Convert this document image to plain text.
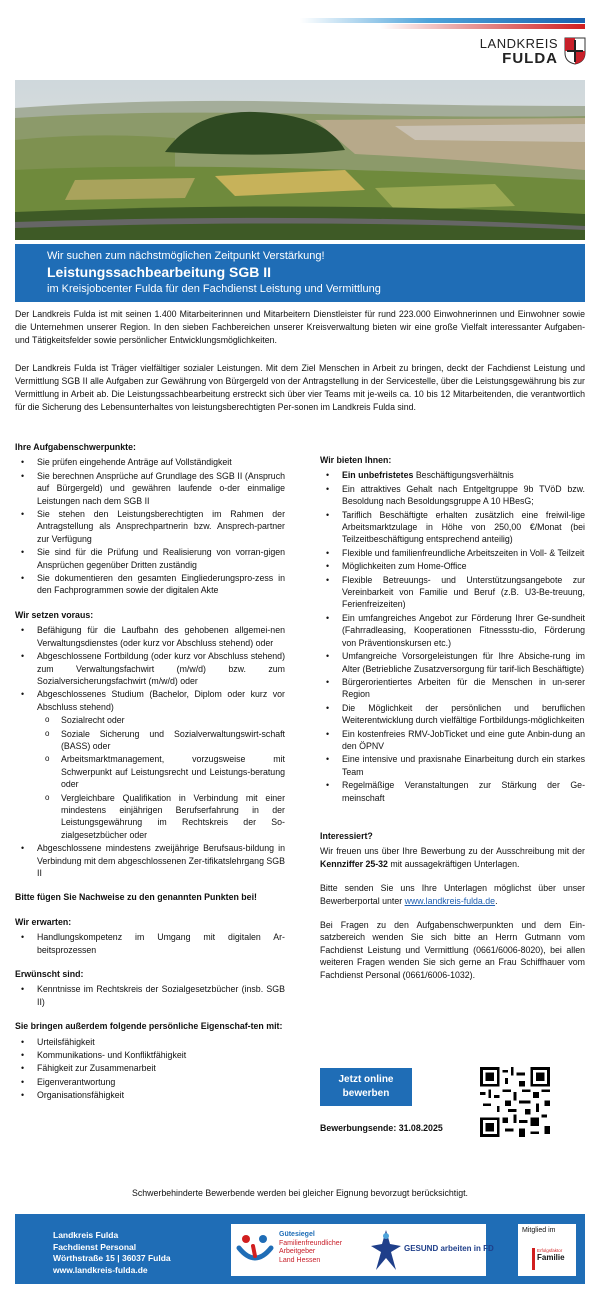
LANDKREIS
FULDA
Wir suchen zum nächstmöglichen Zeitpunkt Verstärkung!
Leistungssachbearbeitung SGB II
im Kreisjobcenter Fulda für den Fachdienst Leistung und Vermittlung

Der Landkreis Fulda ist mit seinen 1.400 Mitarbeiterinnen und Mitarbeitern Dienstleister für rund 223.000 Einwohnerinnen und Einwohner sowie die Unternehmen unserer Region. In den sieben Fachbereichen unserer Kreisverwaltung bieten wir eine große Vielfalt interessanter Aufgaben- und Tätigkeitsfelder sowie persönlicher Entwicklungsmöglichkeiten.

Der Landkreis Fulda ist Träger vielfältiger sozialer Leistungen. Mit dem Ziel Menschen in Arbeit zu bringen, deckt der Fachdienst Leistung und Vermittlung SGB II alle Aufgaben zur Gewährung von Bürgergeld von der Antragstellung in der Servicestelle, über die Leistungsgewährung bis zur Vermittlung in Arbeit ab. Die Leistungssachbearbeitung erstreckt sich über vier Teams mit je-weils ca. 10 bis 12 Mitarbeitenden, die verantwortlich für die Sicherung des Lebensunterhaltes von leistungsberechtigten Per-sonen im Landkreis Fulda sind.

Ihre Aufgabenschwerpunkte:
• Sie prüfen eingehende Anträge auf Vollständigkeit
• Sie berechnen Ansprüche auf Grundlage des SGB II (Anspruch auf Bürgergeld) und gewähren laufende o-der einmalige Leistungen nach dem SGB II
• Sie stehen den Leistungsberechtigten im Rahmen der Antragstellung als Ansprechpartnerin bzw. Ansprech-partner zur Verfügung
• Sie sind für die Prüfung und Realisierung von vorran-gigen Ansprüchen gegenüber Dritten zuständig
• Sie dokumentieren den gesamten Eingliederungspro-zess in den Fachprogrammen sowie der digitalen Akte
Wir setzen voraus:
• Befähigung für die Laufbahn des gehobenen allgemei-nen Verwaltungsdienstes (oder kurz vor Abschluss stehend) oder
• Abgeschlossene Fortbildung (oder kurz vor Abschluss stehend) zum Verwaltungsfachwirt (m/w/d) bzw. zum Sozialversicherungsfachwirt (m/w/d) oder
• Abgeschlossenes Studium (Bachelor, Diplom oder kurz vor Abschluss stehend)
o Sozialrecht oder
o Soziale Sicherung und Sozialverwaltungswirt-schaft (BASS) oder
o Arbeitsmarktmanagement, vorzugsweise mit Schwerpunkt auf Leistungsrecht und Leistungs-beratung oder
o Vergleichbare Qualifikation in Verbindung mit einer mindestens einjährigen Berufserfahrung in der Leistungsgewährung im Rechtskreis der So-zialgesetzbücher oder
• Abgeschlossene mindestens zweijährige Berufsaus-bildung in Verbindung mit dem abgeschlossenen Zer-tifikatslehrgang SGB II

Bitte fügen Sie Nachweise zu den genannten Punkten bei!

Wir erwarten:
• Handlungskompetenz im Umgang mit digitalen Ar-beitsprozessen
Erwünscht sind:
• Kenntnisse im Rechtskreis der Sozialgesetzbücher (insb. SGB II)
Sie bringen außerdem folgende persönliche Eigenschaf-ten mit:
• Urteilsfähigkeit
• Kommunikations- und Konfliktfähigkeit
• Fähigkeit zur Zusammenarbeit
• Eigenverantwortung
• Organisationsfähigkeit
Wir bieten Ihnen:
• Ein unbefristetes Beschäftigungsverhältnis
• Ein attraktives Gehalt nach Entgeltgruppe 9b TVöD bzw. Besoldung nach Besoldungsgruppe A 10 HBesG;
• Tariflich Beschäftigte erhalten zusätzlich eine freiwil-lige Arbeitsmarktzulage in Höhe von 250,00 €/Monat (bei Teilzeitbeschäftigung entsprechend anteilig)
• Flexible und familienfreundliche Arbeitszeiten in Voll- & Teilzeit
• Möglichkeiten zum Home-Office
• Flexible Betreuungs- und Unterstützungsangebote zur Vereinbarkeit von Familie und Beruf (z.B. U3-Be-treuung, Ferienfreizeiten)
• Ein umfangreiches Angebot zur Förderung Ihrer Ge-sundheit (Fahrradleasing, Kooperationen Fitnessstu-dio, Förderung von Präventionskursen etc.)
• Umfangreiche Vorsorgeleistungen für Ihre Absiche-rung im Alter (Betriebliche Zusatzversorgung für tarif-lich Beschäftigte)
• Bürgerorientiertes Arbeiten für die Menschen in un-serer Region
• Die Möglichkeit der persönlichen und beruflichen Weiterentwicklung durch vielfältige Fortbildungs-möglichkeiten
• Ein kostenfreies RMV-JobTicket und eine gute Anbin-dung an den ÖPNV
• Eine intensive und praxisnahe Einarbeitung durch ein starkes Team
• Regelmäßige Veranstaltungen zur Stärkung der Ge-meinschaft
Interessiert?

Wir freuen uns über Ihre Bewerbung zu der Ausschreibung mit der Kennziffer 25-32 mit aussagekräftigen Unterlagen.

Bitte senden Sie uns Ihre Unterlagen möglichst über unser Bewerberportal unter www.landkreis-fulda.de.

Bei Fragen zu den Aufgabenschwerpunkten und dem Ein-satzbereich wenden Sie sich bitte an Herrn Gutmann vom Fachdienst Leistung und Vermittlung (0661/6006-8020), bei allen weiteren Fragen wenden Sie sich gerne an Frau Schiffhauer vom Fachdienst Personal (0661/6006-1032).

Jetzt online bewerben
Bewerbungsende: 31.08.2025
Schwerbehinderte Bewerbende werden bei gleicher Eignung bevorzugt berücksichtigt.
Landkreis Fulda
Fachdienst Personal
Wörthstraße 15 | 36037 Fulda
www.landkreis-fulda.de
Gütesiegel
Familienfreundlicher
Arbeitgeber
Land Hessen
GESUND arbeiten in FD
Mitglied im
Erfolgsfaktor
Familie
